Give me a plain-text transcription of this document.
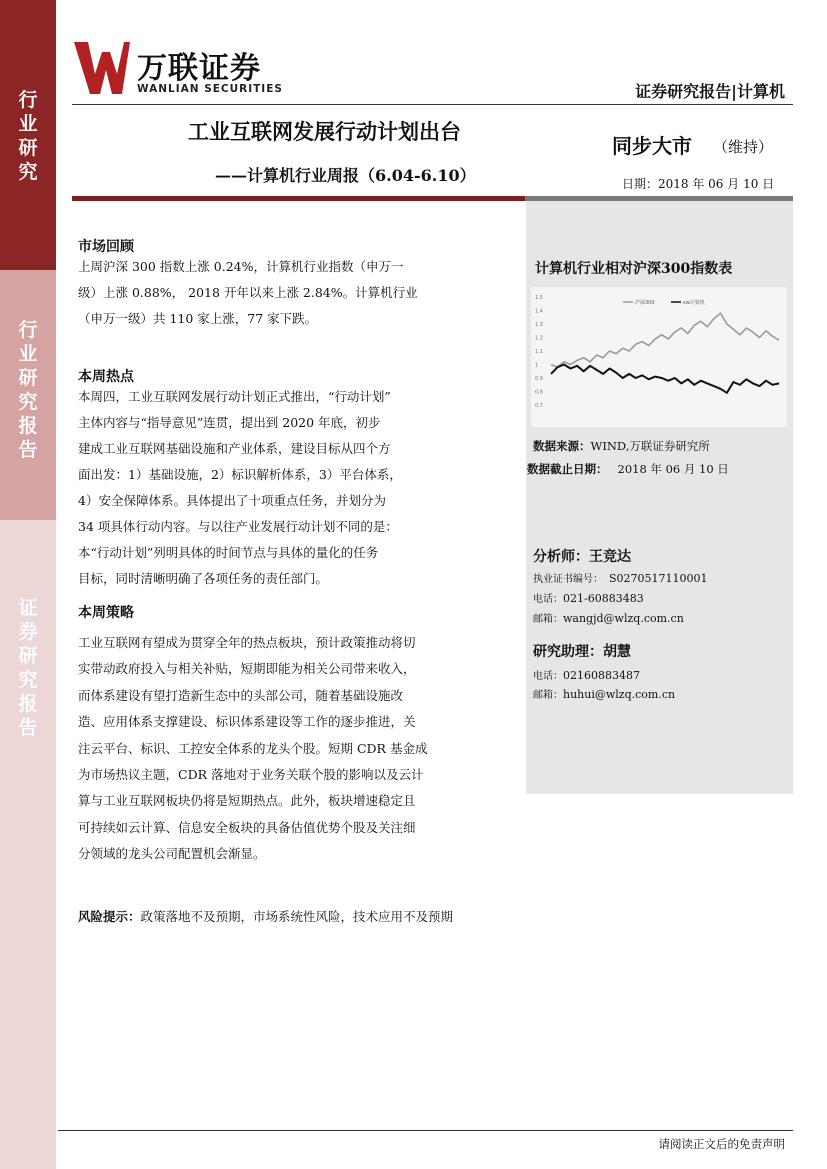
行
业
研
究
行
业
研
究
报
告
证
券
研
究
报
告
万联证券
WANLIAN SECURITIES	证券研究报告|计算机
工业互联网发展行动计划出台
——计算机行业周报（6.04-6.10）
同步大市 （维持）
日期：2018 年 06 月 10 日
市场回顾
上周沪深 300 指数上涨 0.24%，计算机行业指数（申万一
级）上涨 0.88%， 2018 开年以来上涨 2.84%。计算机行业
（申万一级）共 110 家上涨，77 家下跌。
本周热点
本周四，工业互联网发展行动计划正式推出，“行动计划”
主体内容与“指导意见”连贯，提出到 2020 年底，初步
建成工业互联网基础设施和产业体系，建设目标从四个方
面出发：1）基础设施，2）标识解析体系，3）平台体系，
4）安全保障体系。具体提出了十项重点任务，并划分为
34 项具体行动内容。与以往产业发展行动计划不同的是：
本“行动计划”列明具体的时间节点与具体的量化的任务
目标，同时清晰明确了各项任务的责任部门。
本周策略
工业互联网有望成为贯穿全年的热点板块，预计政策推动将切
实带动政府投入与相关补贴，短期即能为相关公司带来收入，
而体系建设有望打造新生态中的头部公司，随着基础设施改
造、应用体系支撑建设、标识体系建设等工作的逐步推进，关
注云平台、标识、工控安全体系的龙头个股。短期 CDR 基金成
为市场热议主题，CDR 落地对于业务关联个股的影响以及云计
算与工业互联网板块仍将是短期热点。此外，板块增速稳定且
可持续如云计算、信息安全板块的具备估值优势个股及关注细
分领域的龙头公司配置机会渐显。
风险提示：政策落地不及预期，市场系统性风险，技术应用不及预期
计算机行业相对沪深300指数表
1.5
1.4
1.3
1.2
1.1
1
0.9
0.8
0.7
沪深300	sw计算机
数据来源：WIND,万联证券研究所
数据截止日期： 2018 年 06 月 10 日
分析师：王竞达
执业证书编号： S0270517110001
电话：021-60883483
邮箱：wangjd@wlzq.com.cn
研究助理：胡慧
电话：02160883487
邮箱：huhui@wlzq.com.cn
请阅读正文后的免责声明
